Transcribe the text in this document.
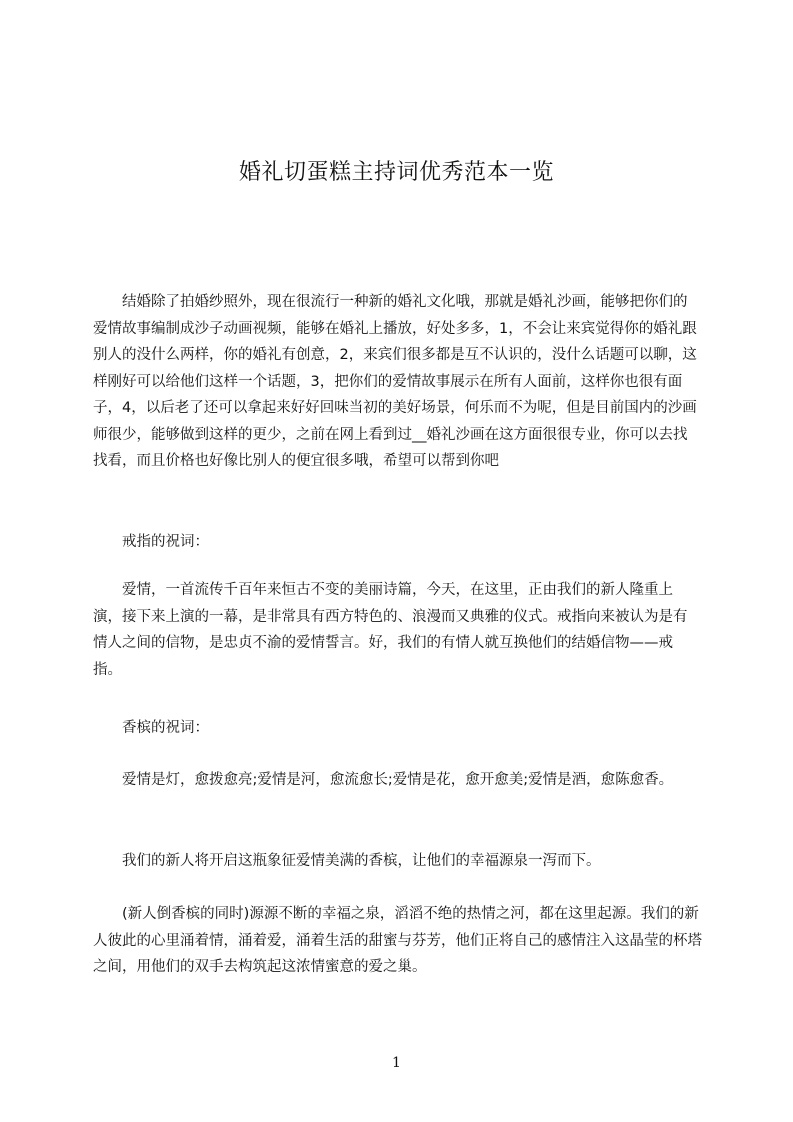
婚礼切蛋糕主持词优秀范本一览

结婚除了拍婚纱照外，现在很流行一种新的婚礼文化哦，那就是婚礼沙画，能够把你们的爱情故事编制成沙子动画视频，能够在婚礼上播放，好处多多，1，不会让来宾觉得你的婚礼跟别人的没什么两样，你的婚礼有创意，2，来宾们很多都是互不认识的，没什么话题可以聊，这样刚好可以给他们这样一个话题，3，把你们的爱情故事展示在所有人面前，这样你也很有面子，4，以后老了还可以拿起来好好回味当初的美好场景，何乐而不为呢，但是目前国内的沙画师很少，能够做到这样的更少，之前在网上看到过__婚礼沙画在这方面很很专业，你可以去找找看，而且价格也好像比别人的便宜很多哦，希望可以帮到你吧

戒指的祝词：

爱情，一首流传千百年来恒古不变的美丽诗篇，今天，在这里，正由我们的新人隆重上演，接下来上演的一幕，是非常具有西方特色的、浪漫而又典雅的仪式。戒指向来被认为是有情人之间的信物，是忠贞不渝的爱情誓言。好，我们的有情人就互换他们的结婚信物——戒指。

香槟的祝词：

爱情是灯，愈拨愈亮;爱情是河，愈流愈长;爱情是花，愈开愈美;爱情是酒，愈陈愈香。

我们的新人将开启这瓶象征爱情美满的香槟，让他们的幸福源泉一泻而下。

(新人倒香槟的同时)源源不断的幸福之泉，滔滔不绝的热情之河，都在这里起源。我们的新人彼此的心里涌着情，涌着爱，涌着生活的甜蜜与芬芳，他们正将自己的感情注入这晶莹的杯塔之间，用他们的双手去构筑起这浓情蜜意的爱之巢。

1
